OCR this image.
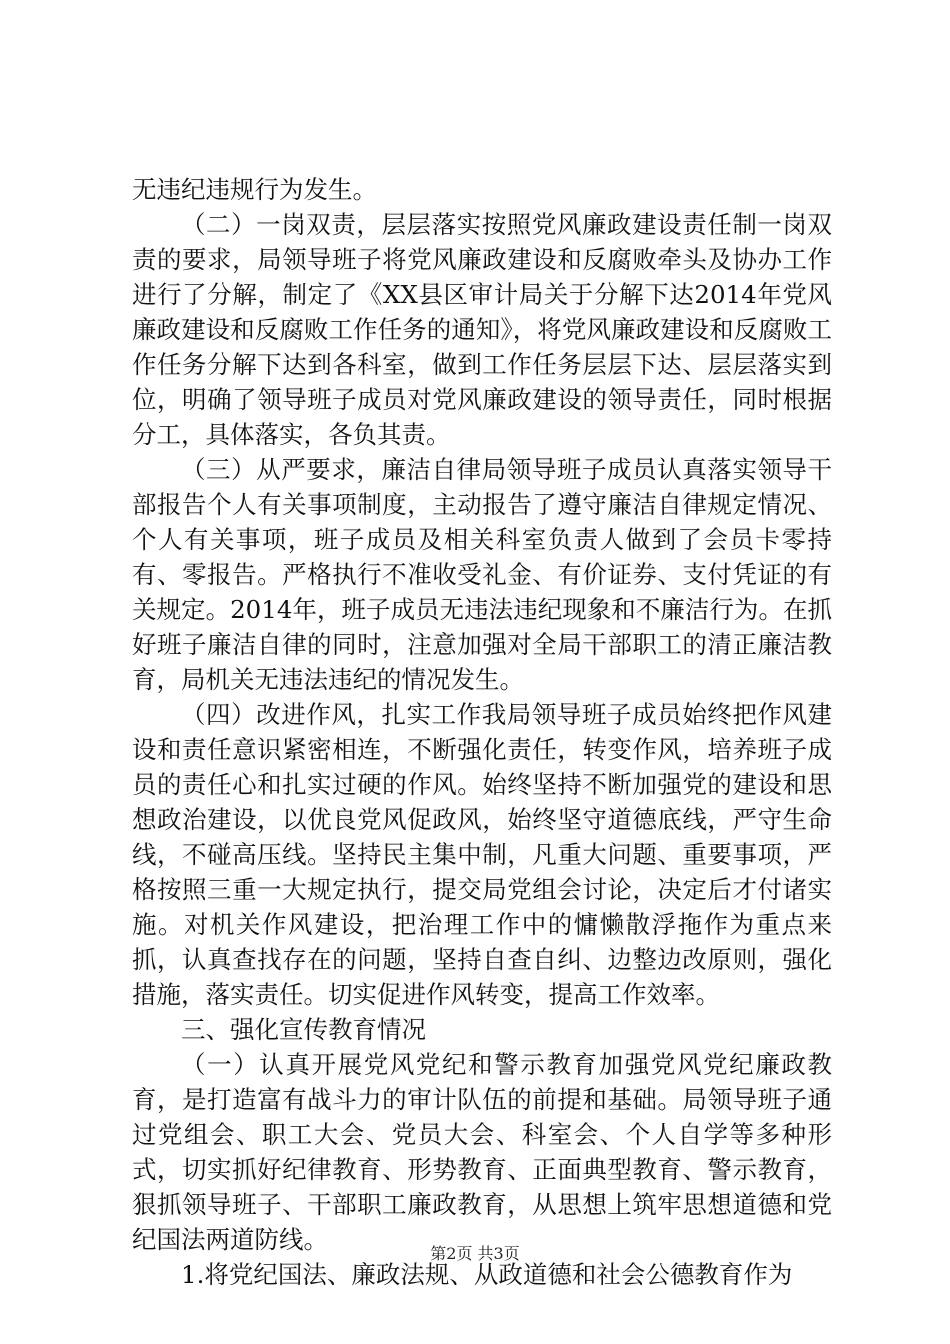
无违纪违规行为发生。

（二）一岗双责，层层落实按照党风廉政建设责任制一岗双责的要求，局领导班子将党风廉政建设和反腐败牵头及协办工作进行了分解，制定了《XX县区审计局关于分解下达2014年党风廉政建设和反腐败工作任务的通知》，将党风廉政建设和反腐败工作任务分解下达到各科室，做到工作任务层层下达、层层落实到位，明确了领导班子成员对党风廉政建设的领导责任，同时根据分工，具体落实，各负其责。

（三）从严要求，廉洁自律局领导班子成员认真落实领导干部报告个人有关事项制度，主动报告了遵守廉洁自律规定情况、个人有关事项，班子成员及相关科室负责人做到了会员卡零持有、零报告。严格执行不准收受礼金、有价证券、支付凭证的有关规定。2014年，班子成员无违法违纪现象和不廉洁行为。在抓好班子廉洁自律的同时，注意加强对全局干部职工的清正廉洁教育，局机关无违法违纪的情况发生。

（四）改进作风，扎实工作我局领导班子成员始终把作风建设和责任意识紧密相连，不断强化责任，转变作风，培养班子成员的责任心和扎实过硬的作风。始终坚持不断加强党的建设和思想政治建设，以优良党风促政风，始终坚守道德底线，严守生命线，不碰高压线。坚持民主集中制，凡重大问题、重要事项，严格按照三重一大规定执行，提交局党组会讨论，决定后才付诸实施。对机关作风建设，把治理工作中的慵懒散浮拖作为重点来抓，认真查找存在的问题，坚持自查自纠、边整边改原则，强化措施，落实责任。切实促进作风转变，提高工作效率。

三、强化宣传教育情况

（一）认真开展党风党纪和警示教育加强党风党纪廉政教育，是打造富有战斗力的审计队伍的前提和基础。局领导班子通过党组会、职工大会、党员大会、科室会、个人自学等多种形式，切实抓好纪律教育、形势教育、正面典型教育、警示教育，狠抓领导班子、干部职工廉政教育，从思想上筑牢思想道德和党纪国法两道防线。

1.将党纪国法、廉政法规、从政道德和社会公德教育作为

第2页 共3页
